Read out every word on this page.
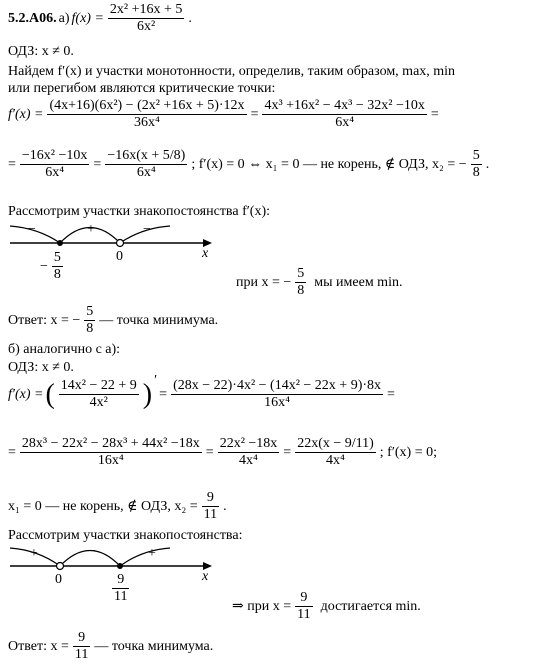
5.2.А06. а) $f(x) = \frac{\text{2x² +16x + 5}}{\text{6x²}}$ .
ОДЗ: x ≠ 0.
Найдем f′(x) и участки монотонности, определив, таким образом, max, min
или перегибом являются критические точки:
$f'(x) = \frac{\text{(4x+16)(6x²) − (2x² +16x + 5)·12x}}{\text{36x⁴}} = \frac{\text{4x³ +16x² − 4x³ − 32x² −10x}}{\text{6x⁴}}$ =
= $\frac{\text{−16x² −10x}}{\text{6x⁴}} = \frac{-16x(x + 5/8)}{\text{6x⁴}}$ ; f′(x) = 0 ⇔ x₁ = 0 — не корень, ∉ ОДЗ, x₂ = − $\frac{5}{8}$ .
Рассмотрим участки знакопостоянства f′(x):
−	+	−
x
− $\frac{5}{8}$	0
при x = − $\frac{5}{8}$ мы имеем min.
Ответ: x = − $\frac{5}{8}$ — точка минимума.
б) аналогично с а):
ОДЗ: x ≠ 0.
f′(x) = ( $\frac{\text{14x² − 22 + 9}}{\text{4x²}}$ ) ′
= $\frac{\text{(28x − 22)·4x² − (14x² − 22x + 9)·8x}}{\text{16x⁴}}$ =
= $\frac{\text{28x³ − 22x² − 28x³ + 44x² −18x}}{\text{16x⁴}} = \frac{\text{22x² −18x}}{\text{4x⁴}} = \frac{22x(x - 9/11)}{\text{4x⁴}}$ ; f′(x) = 0;
x₁ = 0 — не корень, ∉ ОДЗ, $x_2 = \frac{9}{11}$ .
Рассмотрим участки знакопостоянства:
+	−	+
x
0	$\frac{9}{11}$
⇒ при $x = \frac{9}{11}$ достигается min.
Ответ: $x = \frac{9}{11}$ — точка минимума.
